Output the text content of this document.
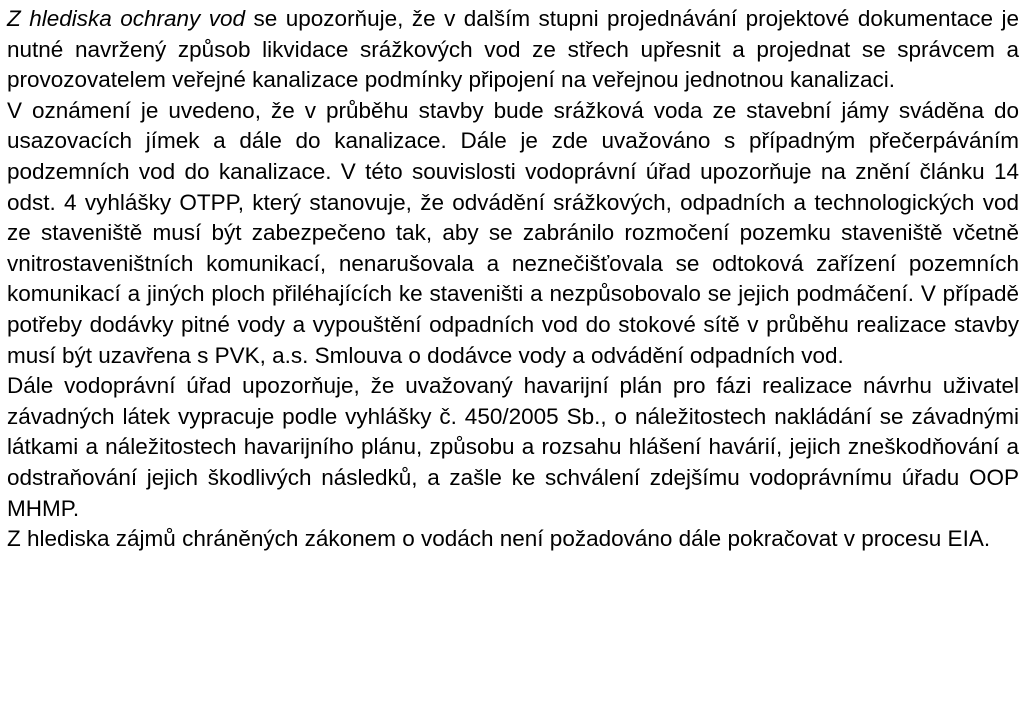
Z hlediska ochrany vod se upozorňuje, že v dalším stupni projednávání projektové dokumentace je nutné navržený způsob likvidace srážkových vod ze střech upřesnit a projednat se správcem a provozovatelem veřejné kanalizace podmínky připojení na veřejnou jednotnou kanalizaci.

V oznámení je uvedeno, že v průběhu stavby bude srážková voda ze stavební jámy sváděna do usazovacích jímek a dále do kanalizace. Dále je zde uvažováno s případným přečerpáváním podzemních vod do kanalizace. V této souvislosti vodoprávní úřad upozorňuje na znění článku 14 odst. 4 vyhlášky OTPP, který stanovuje, že odvádění srážkových, odpadních a technologických vod ze staveniště musí být zabezpečeno tak, aby se zabránilo rozmočení pozemku staveniště včetně vnitrostaveništních komunikací, nenarušovala a neznečišťovala se odtoková zařízení pozemních komunikací a jiných ploch přiléhajících ke staveništi a nezpůsobovalo se jejich podmáčení. V případě potřeby dodávky pitné vody a vypouštění odpadních vod do stokové sítě v průběhu realizace stavby musí být uzavřena s PVK, a.s. Smlouva o dodávce vody a odvádění odpadních vod.

Dále vodoprávní úřad upozorňuje, že uvažovaný havarijní plán pro fázi realizace návrhu uživatel závadných látek vypracuje podle vyhlášky č. 450/2005 Sb., o náležitostech nakládání se závadnými látkami a náležitostech havarijního plánu, způsobu a rozsahu hlášení havárií, jejich zneškodňování a odstraňování jejich škodlivých následků, a zašle ke schválení zdejšímu vodoprávnímu úřadu OOP MHMP.

Z hlediska zájmů chráněných zákonem o vodách není požadováno dále pokračovat v procesu EIA.
